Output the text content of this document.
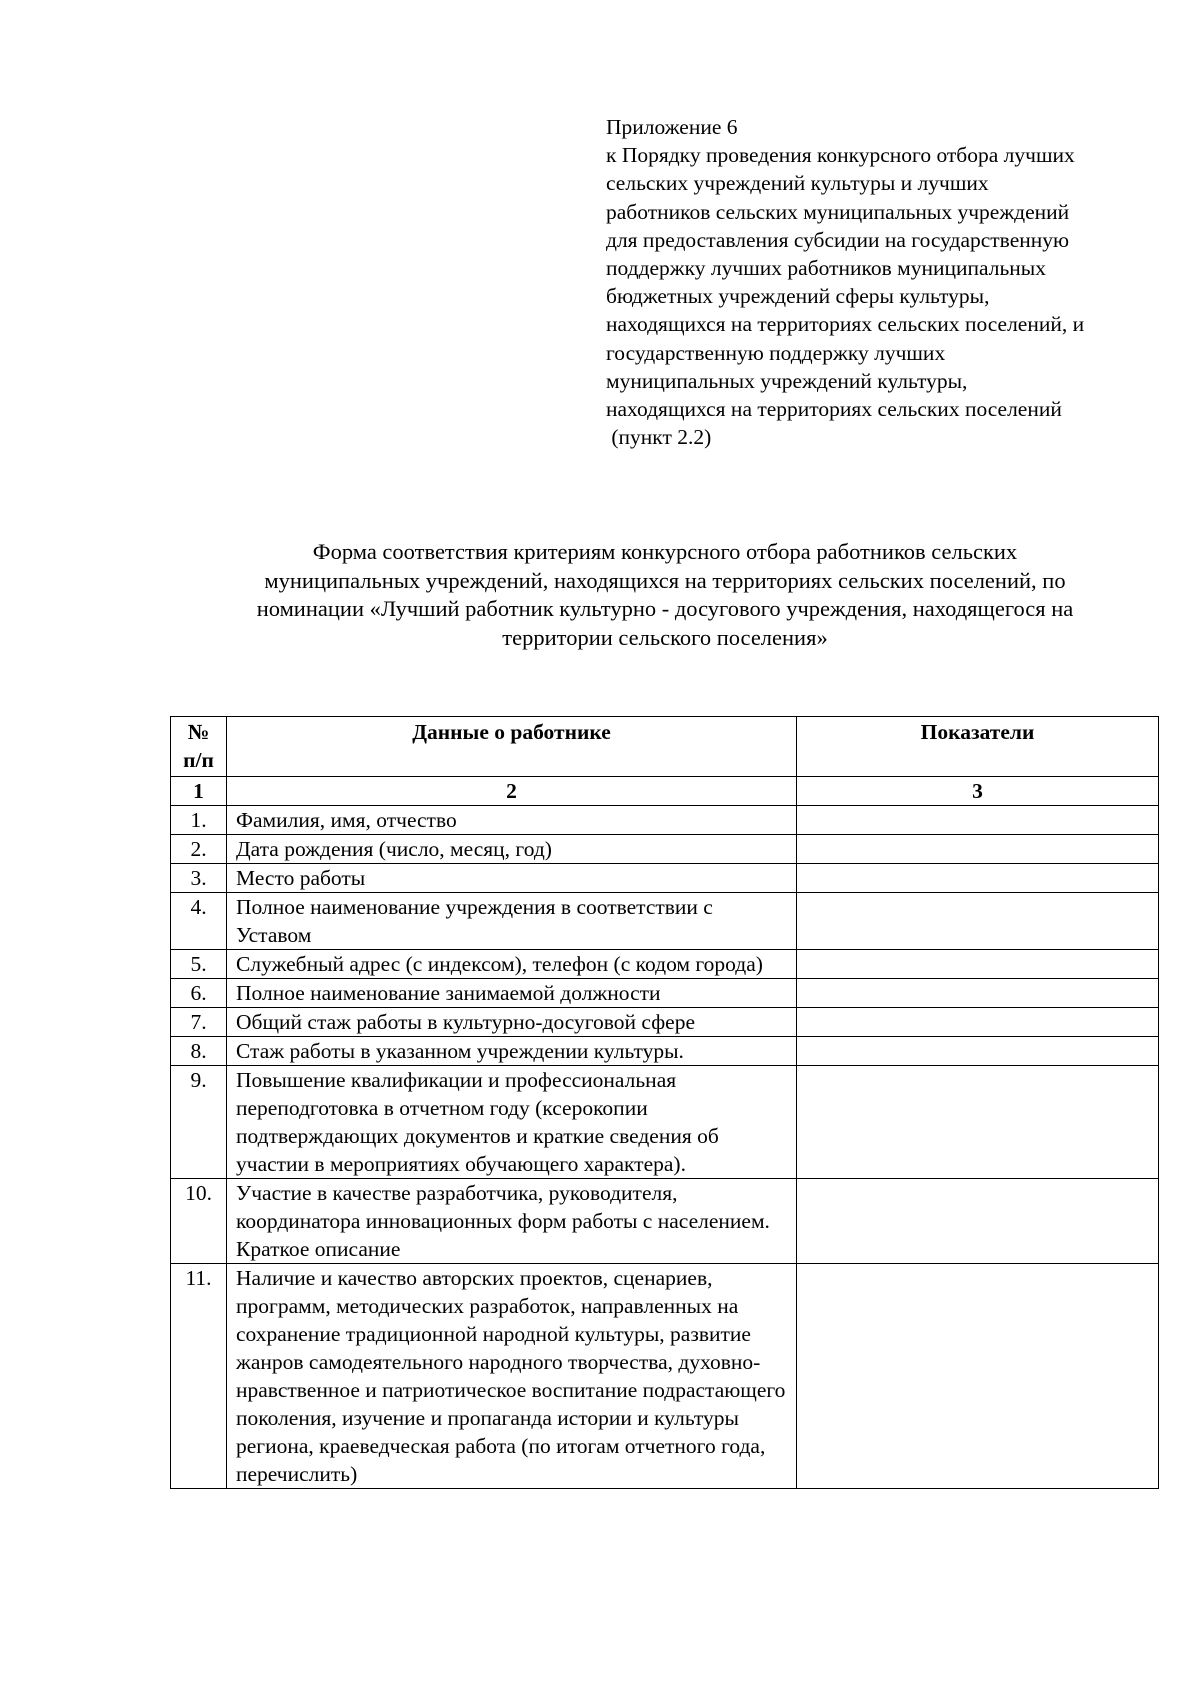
Приложение 6
к Порядку проведения конкурсного отбора лучших
сельских учреждений культуры и лучших
работников сельских муниципальных учреждений
для предоставления субсидии на государственную
поддержку лучших работников муниципальных
бюджетных учреждений сферы культуры,
находящихся на территориях сельских поселений, и
государственную поддержку лучших
муниципальных учреждений культуры,
находящихся на территориях сельских поселений
(пункт 2.2)
Форма соответствия критериям конкурсного отбора работников сельских
муниципальных учреждений, находящихся на территориях сельских поселений, по
номинации «Лучший работник культурно - досугового учреждения, находящегося на
территории сельского поселения»
№ п/п	Данные о работнике	Показатели
1	2	3
1.	Фамилия, имя, отчество	
2.	Дата рождения (число, месяц, год)	
3.	Место работы	
4.	Полное наименование учреждения в соответствии с Уставом	
5.	Служебный адрес (с индексом), телефон (с кодом города)	
6.	Полное наименование занимаемой должности	
7.	Общий стаж работы в культурно-досуговой сфере	
8.	Стаж работы в указанном учреждении культуры.	
9.	Повышение квалификации и профессиональная переподготовка в отчетном году (ксерокопии подтверждающих документов и краткие сведения об участии в мероприятиях обучающего характера).	
10.	Участие в качестве разработчика, руководителя, координатора инновационных форм работы с населением. Краткое описание	
11.	Наличие и качество авторских проектов, сценариев, программ, методических разработок, направленных на сохранение традиционной народной культуры, развитие жанров самодеятельного народного творчества, духовно-нравственное и патриотическое воспитание подрастающего поколения, изучение и пропаганда истории и культуры региона, краеведческая работа (по итогам отчетного года, перечислить)	
